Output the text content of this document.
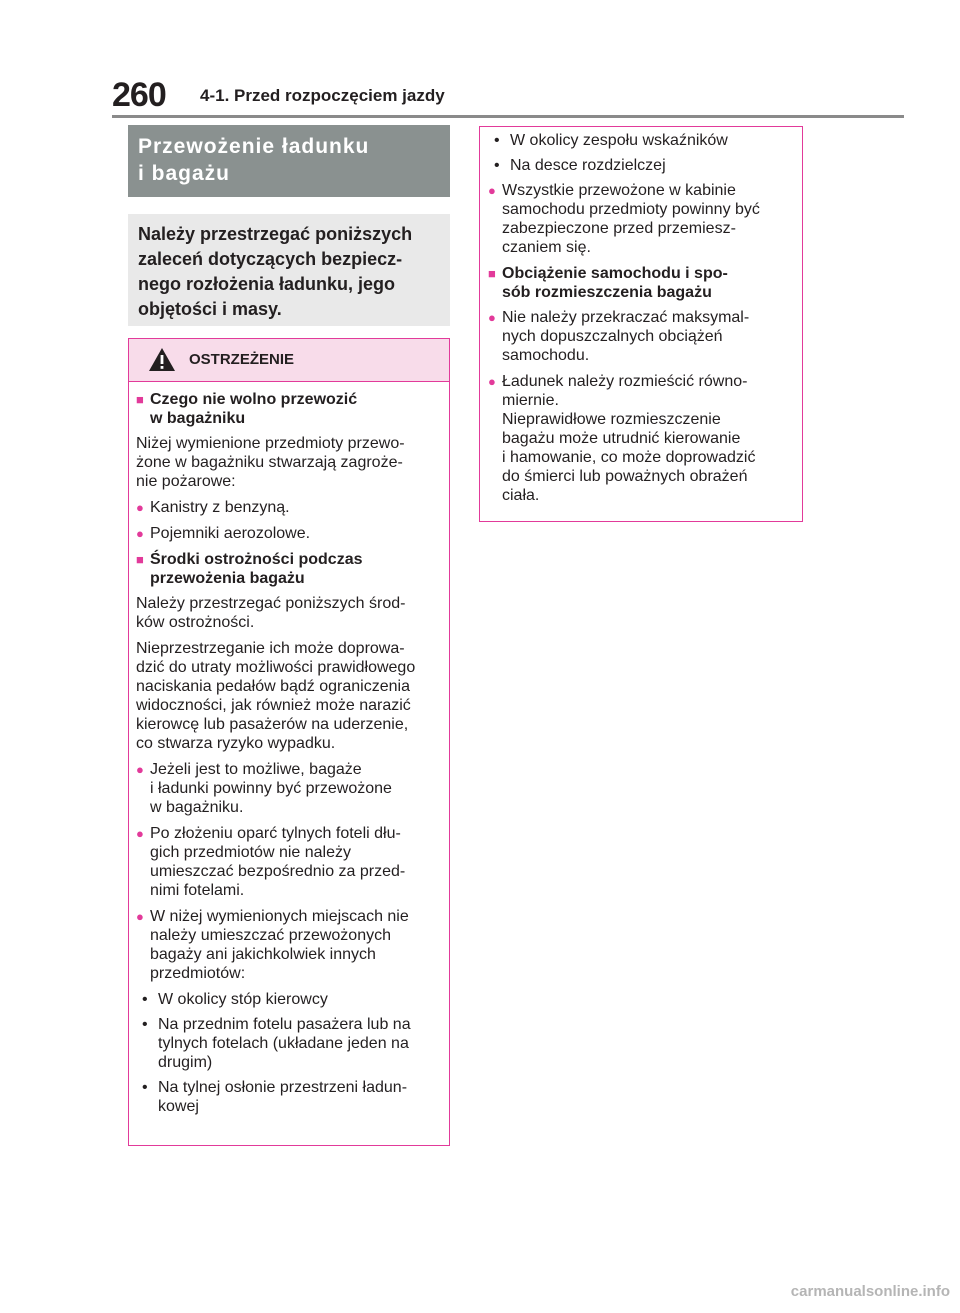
260 4-1. Przed rozpoczęciem jazdy
Przewożenie ładunku
i bagażu
Należy przestrzegać poniższych
zaleceń dotyczących bezpiecz-
nego rozłożenia ładunku, jego
objętości i masy.
OSTRZEŻENIE
■ Czego nie wolno przewozić
w bagażniku
Niżej wymienione przedmioty przewo-
żone w bagażniku stwarzają zagroże-
nie pożarowe:
● Kanistry z benzyną.
● Pojemniki aerozolowe.
■ Środki ostrożności podczas
przewożenia bagażu
Należy przestrzegać poniższych środ-
ków ostrożności.
Nieprzestrzeganie ich może doprowa-
dzić do utraty możliwości prawidłowego
naciskania pedałów bądź ograniczenia
widoczności, jak również może narazić
kierowcę lub pasażerów na uderzenie,
co stwarza ryzyko wypadku.
● Jeżeli jest to możliwe, bagaże
i ładunki powinny być przewożone
w bagażniku.
● Po złożeniu oparć tylnych foteli dłu-
gich przedmiotów nie należy
umieszczać bezpośrednio za przed-
nimi fotelami.
● W niżej wymienionych miejscach nie
należy umieszczać przewożonych
bagaży ani jakichkolwiek innych
przedmiotów:
• W okolicy stóp kierowcy
• Na przednim fotelu pasażera lub na
tylnych fotelach (układane jeden na
drugim)
• Na tylnej osłonie przestrzeni ładun-
kowej
• W okolicy zespołu wskaźników
• Na desce rozdzielczej
● Wszystkie przewożone w kabinie
samochodu przedmioty powinny być
zabezpieczone przed przemiesz-
czaniem się.
■ Obciążenie samochodu i spo-
sób rozmieszczenia bagażu
● Nie należy przekraczać maksymal-
nych dopuszczalnych obciążeń
samochodu.
● Ładunek należy rozmieścić równo-
miernie.
Nieprawidłowe rozmieszczenie
bagażu może utrudnić kierowanie
i hamowanie, co może doprowadzić
do śmierci lub poważnych obrażeń
ciała.
carmanualsonline.info
